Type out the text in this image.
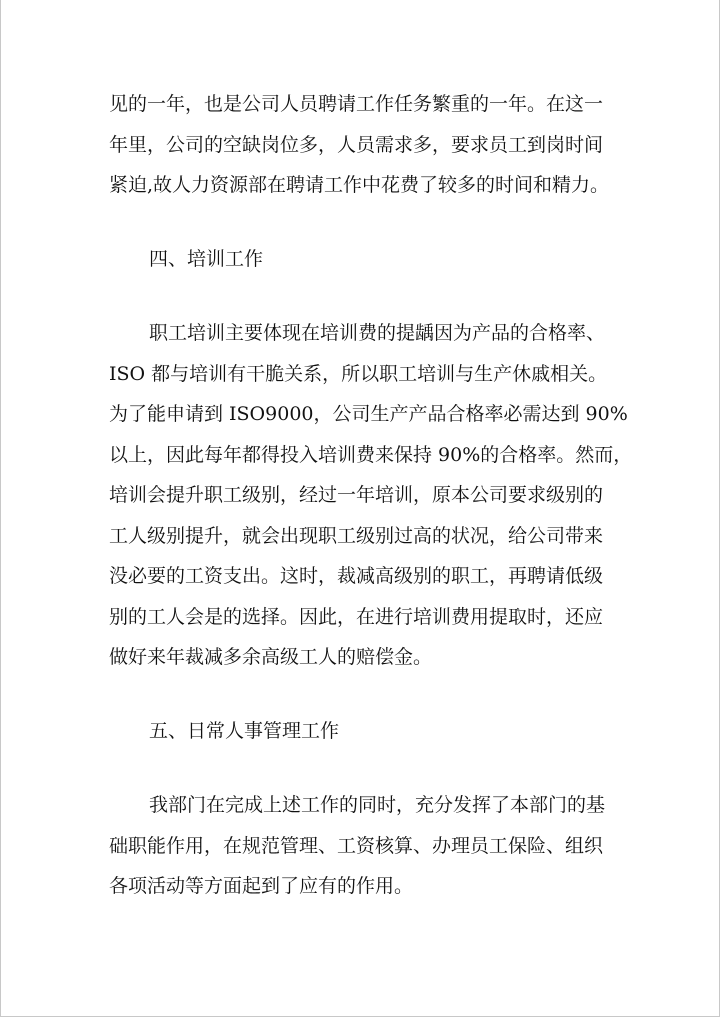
见的一年，也是公司人员聘请工作任务繁重的一年。在这一
年里，公司的空缺岗位多，人员需求多，要求员工到岗时间
紧迫,故人力资源部在聘请工作中花费了较多的时间和精力。
四、培训工作
职工培训主要体现在培训费的提龋因为产品的合格率、
ISO 都与培训有干脆关系，所以职工培训与生产休戚相关。
为了能申请到 ISO9000，公司生产产品合格率必需达到 90%
以上，因此每年都得投入培训费来保持 90%的合格率。然而，
培训会提升职工级别，经过一年培训，原本公司要求级别的
工人级别提升，就会出现职工级别过高的状况，给公司带来
没必要的工资支出。这时，裁减高级别的职工，再聘请低级
别的工人会是的选择。因此，在进行培训费用提取时，还应
做好来年裁减多余高级工人的赔偿金。
五、日常人事管理工作
我部门在完成上述工作的同时，充分发挥了本部门的基
础职能作用，在规范管理、工资核算、办理员工保险、组织
各项活动等方面起到了应有的作用。
